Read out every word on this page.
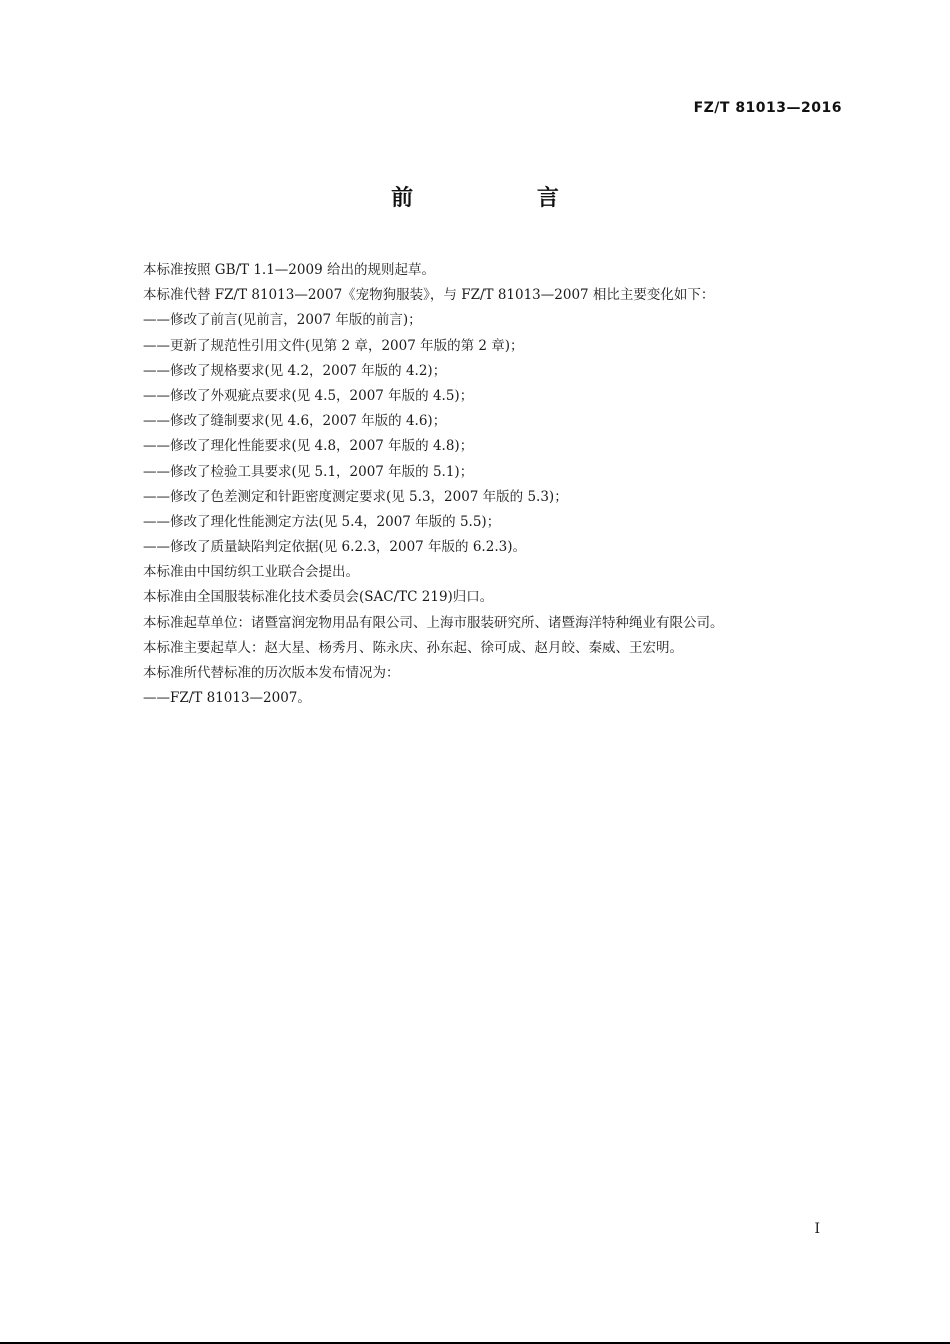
FZ/T 81013—2016
前 言
本标准按照 GB/T 1.1—2009 给出的规则起草。
本标准代替 FZ/T 81013—2007《宠物狗服装》，与 FZ/T 81013—2007 相比主要变化如下：
——修改了前言(见前言，2007 年版的前言)；
——更新了规范性引用文件(见第 2 章，2007 年版的第 2 章)；
——修改了规格要求(见 4.2，2007 年版的 4.2)；
——修改了外观疵点要求(见 4.5，2007 年版的 4.5)；
——修改了缝制要求(见 4.6，2007 年版的 4.6)；
——修改了理化性能要求(见 4.8，2007 年版的 4.8)；
——修改了检验工具要求(见 5.1，2007 年版的 5.1)；
——修改了色差测定和针距密度测定要求(见 5.3，2007 年版的 5.3)；
——修改了理化性能测定方法(见 5.4，2007 年版的 5.5)；
——修改了质量缺陷判定依据(见 6.2.3，2007 年版的 6.2.3)。
本标准由中国纺织工业联合会提出。
本标准由全国服装标准化技术委员会(SAC/TC 219)归口。
本标准起草单位：诸暨富润宠物用品有限公司、上海市服装研究所、诸暨海洋特种绳业有限公司。
本标准主要起草人：赵大星、杨秀月、陈永庆、孙东起、徐可成、赵月皎、秦威、王宏明。
本标准所代替标准的历次版本发布情况为：
——FZ/T 81013—2007。
I
